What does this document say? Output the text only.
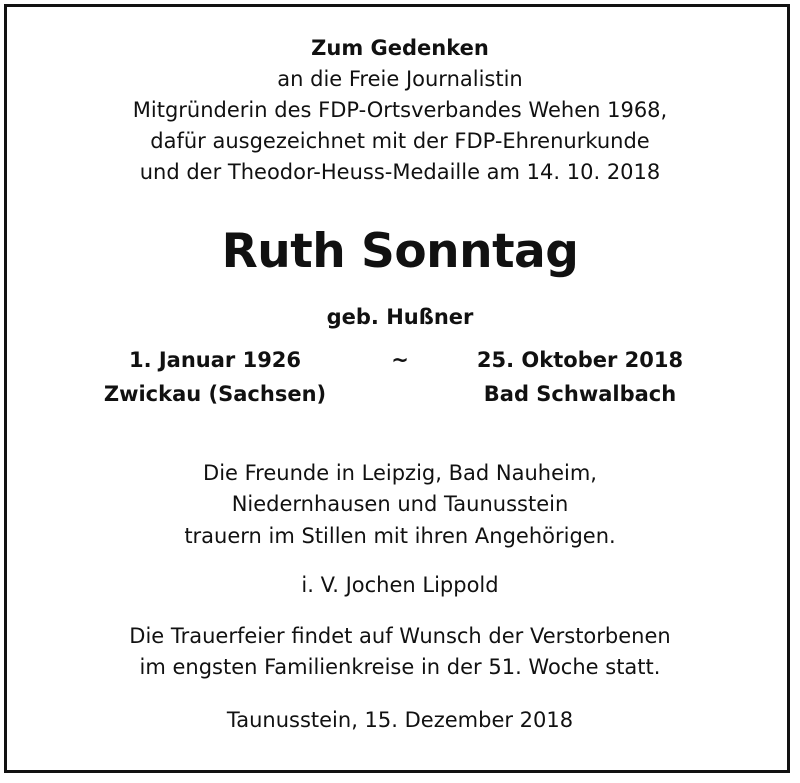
Zum Gedenken
an die Freie Journalistin
Mitgründerin des FDP-Ortsverbandes Wehen 1968,
dafür ausgezeichnet mit der FDP-Ehrenurkunde
und der Theodor-Heuss-Medaille am 14. 10. 2018
Ruth Sonntag
geb. Hußner
1. Januar 1926
Zwickau (Sachsen)
~	25. Oktober 2018
Bad Schwalbach
Die Freunde in Leipzig, Bad Nauheim,
Niedernhausen und Taunusstein
trauern im Stillen mit ihren Angehörigen.
i. V. Jochen Lippold
Die Trauerfeier findet auf Wunsch der Verstorbenen
im engsten Familienkreise in der 51. Woche statt.
Taunusstein, 15. Dezember 2018
